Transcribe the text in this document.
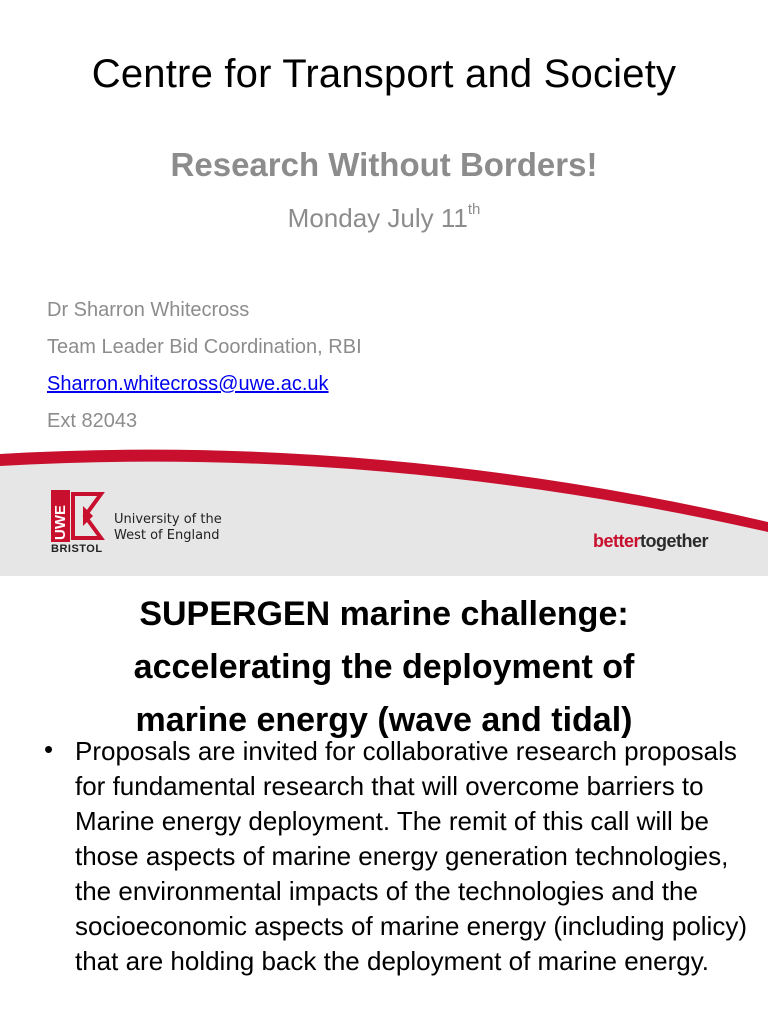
Centre for Transport and Society
Research Without Borders!
Monday July 11th
Dr Sharron Whitecross
Team Leader Bid Coordination, RBI
Sharron.whitecross@uwe.ac.uk
Ext 82043
UWE	University of the
West of England
BRISTOL	bettertogether
SUPERGEN marine challenge:
accelerating the deployment of
marine energy (wave and tidal)
• Proposals are invited for collaborative research proposals for fundamental research that will overcome barriers to Marine energy deployment. The remit of this call will be those aspects of marine energy generation technologies, the environmental impacts of the technologies and the socioeconomic aspects of marine energy (including policy) that are holding back the deployment of marine energy.
